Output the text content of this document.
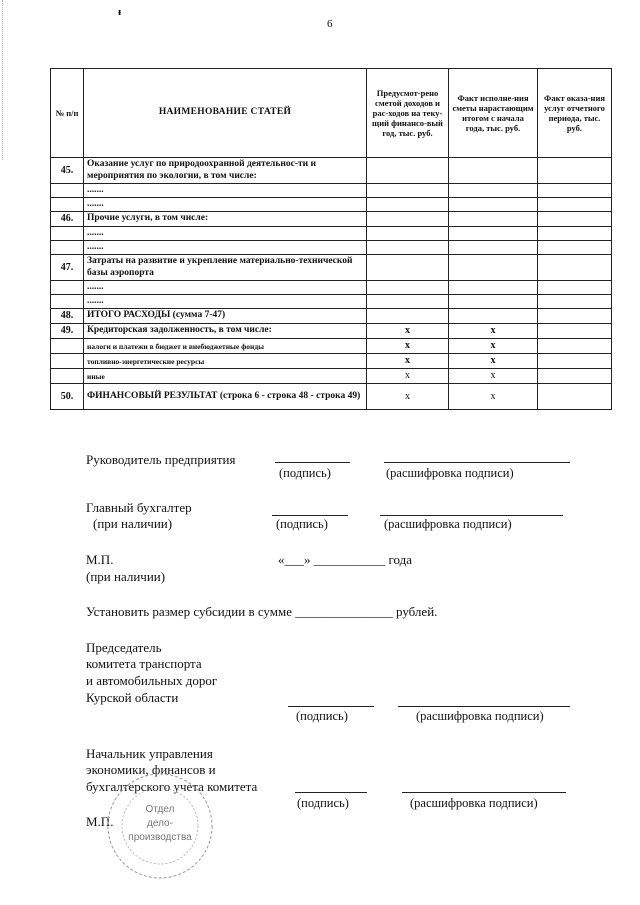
ᵻ
6
№ п/п	НАИМЕНОВАНИЕ СТАТЕЙ	Предусмот-рено сметой доходов и рас-ходов на теку-щий финансо-вый год, тыс. руб.	Факт исполне-ния сметы нарастающим итогом с начала года, тыс. руб.	Факт оказа-ния услуг отчетного периода, тыс. руб.
45.	Оказание услуг по природоохранной деятельнос-ти и мероприятия по экологии, в том числе:			
	.......			
	.......			
46.	Прочие услуги, в том числе:			
	.......			
	.......			
47.	Затраты на развитие и укрепление материально-технической базы аэропорта			
	.......			
	.......			
48.	ИТОГО РАСХОДЫ (сумма 7-47)			
49.	Кредиторская задолженность, в том числе:	х	х	
	налоги и платежи в бюджет и внебюджетные фонды	х	х	
	топливно-энергетические ресурсы	х	х	
	иные	х	х	
50.	ФИНАНСОВЫЙ РЕЗУЛЬТАТ (строка 6 - строка 48 - строка 49)	х	х	
Руководитель предприятия
(подпись)	(расшифровка подписи)
Главный бухгалтер
(при наличии)	(подпись)	(расшифровка подписи)
М.П.
(при наличии)
«___» ___________ года
Установить размер субсидии в сумме _______________ рублей.
Председатель
комитета транспорта
и автомобильных дорог
Курской области
(подпись)	(расшифровка подписи)
Начальник управления
экономики, финансов и
бухгалтерского учета комитета
(подпись)	(расшифровка подписи)
М.П.
Отдел
дело-
производства
